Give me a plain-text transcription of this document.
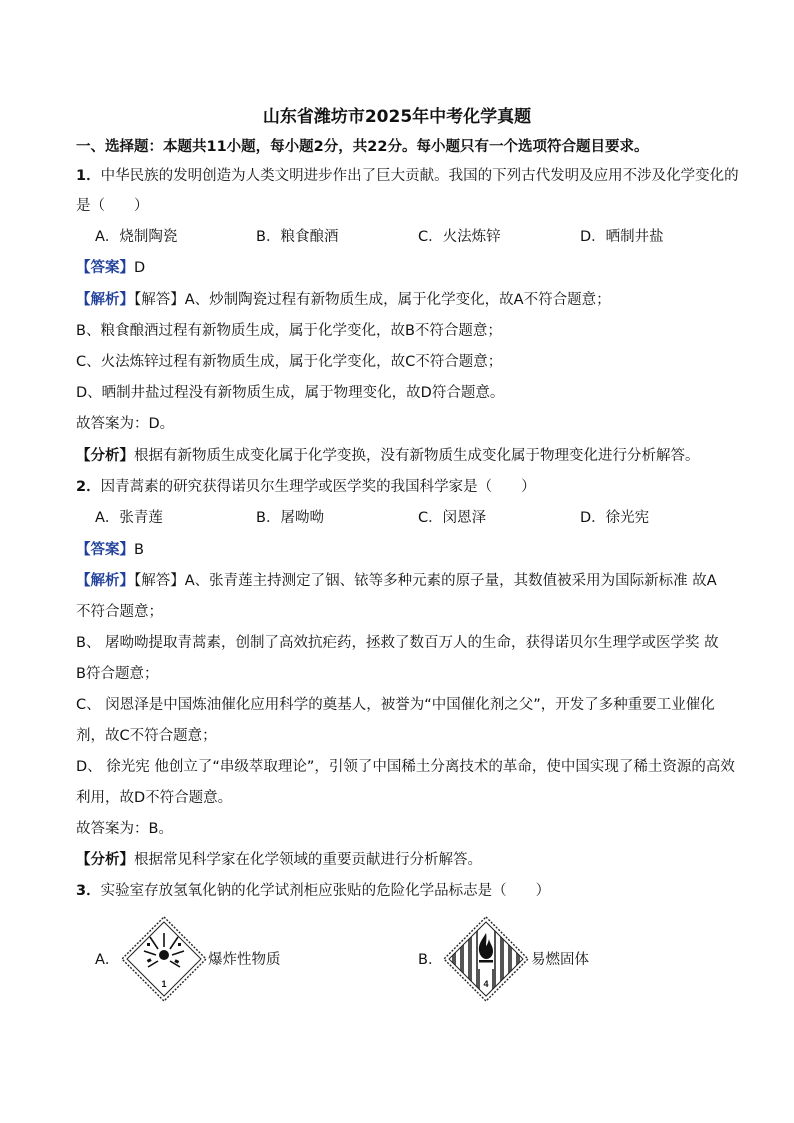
山东省潍坊市2025年中考化学真题
一、选择题：本题共11小题，每小题2分，共22分。每小题只有一个选项符合题目要求。
1．中华民族的发明创造为人类文明进步作出了巨大贡献。我国的下列古代发明及应用不涉及化学变化的
是（　　）
A．烧制陶瓷	B．粮食酿酒	C．火法炼锌	D．晒制井盐
【答案】D
【解析】【解答】A、炒制陶瓷过程有新物质生成，属于化学变化，故A不符合题意；
B、粮食酿酒过程有新物质生成，属于化学变化，故B不符合题意；
C、火法炼锌过程有新物质生成，属于化学变化，故C不符合题意；
D、晒制井盐过程没有新物质生成，属于物理变化，故D符合题意。
故答案为：D。
【分析】根据有新物质生成变化属于化学变换，没有新物质生成变化属于物理变化进行分析解答。
2．因青蒿素的研究获得诺贝尔生理学或医学奖的我国科学家是（　　）
A．张青莲	B．屠呦呦	C．闵恩泽	D．徐光宪
【答案】B
【解析】【解答】A、张青莲主持测定了铟、铱等多种元素的原子量，其数值被采用为国际新标准 故A
不符合题意；
B、 屠呦呦提取青蒿素，创制了高效抗疟药，拯救了数百万人的生命，获得诺贝尔生理学或医学奖 故
B符合题意；
C、 闵恩泽是中国炼油催化应用科学的奠基人，被誉为“中国催化剂之父”，开发了多种重要工业催化
剂，故C不符合题意；
D、 徐光宪 他创立了“串级萃取理论”，引领了中国稀土分离技术的革命，使中国实现了稀土资源的高效
利用，故D不符合题意。
故答案为：B。
【分析】根据常见科学家在化学领域的重要贡献进行分析解答。
3．实验室存放氢氧化钠的化学试剂柜应张贴的危险化学品标志是（　　）
A．
1
爆炸性物质	B．
4
易燃固体
